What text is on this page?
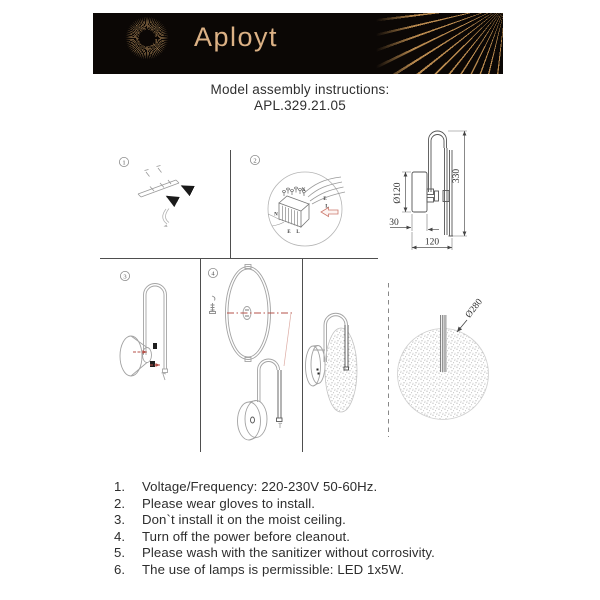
Aployt
Model assembly instructions:
APL.329.21.05
1	2
3	4
N
E
L
N
E L
330
Ø120
30
120
Ø280
1.	Voltage/Frequency: 220-230V 50-60Hz.
2.	Please wear gloves to install.
3.	Don`t install it on the moist ceiling.
4.	Turn off the power before cleanout.
5.	Please wash with the sanitizer without corrosivity.
6.	The use of lamps is permissible: LED 1x5W.
